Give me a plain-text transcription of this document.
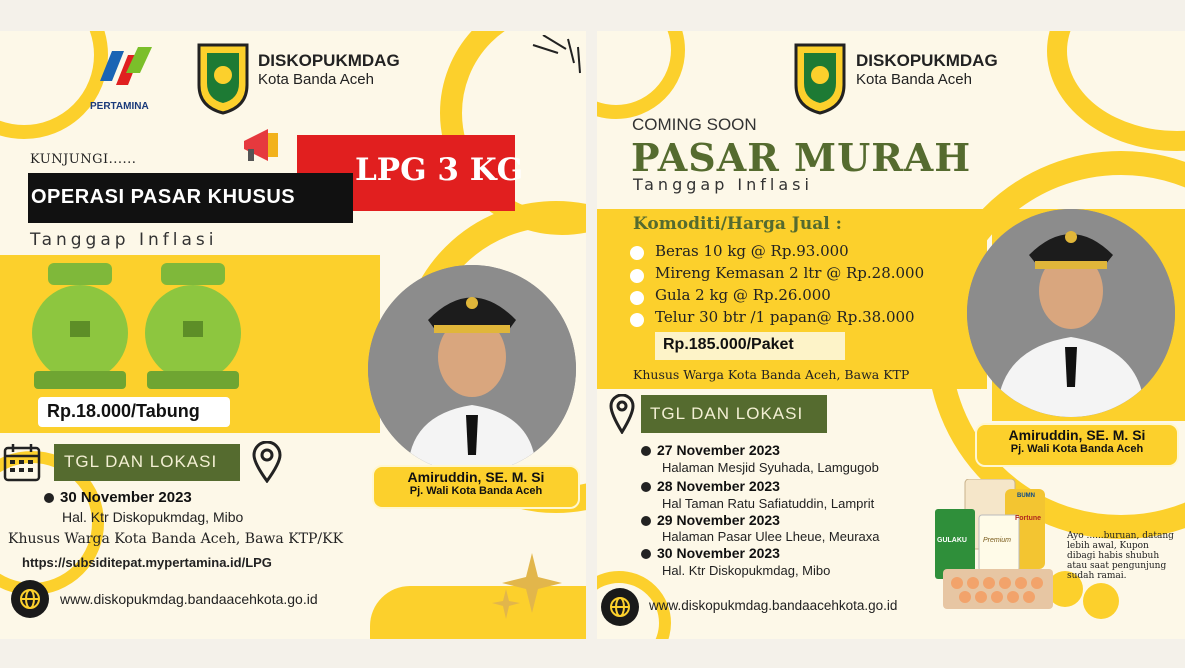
PERTAMINA
DISKOPUKMDAG
Kota Banda Aceh
KUNJUNGI......	LPG 3 KG
OPERASI PASAR KHUSUS
Tanggap Inflasi
Rp.18.000/Tabung
Amiruddin, SE. M. Si
Pj. Wali Kota Banda Aceh
TGL DAN LOKASI
30 November 2023
Hal. Ktr Diskopukmdag, Mibo
Khusus Warga Kota Banda Aceh, Bawa KTP/KK
https://subsiditepat.mypertamina.id/LPG
www.diskopukmdag.bandaacehkota.go.id
DISKOPUKMDAG
Kota Banda Aceh
COMING SOON
PASAR MURAH
Tanggap Inflasi
Komoditi/Harga Jual :
Beras 10 kg @ Rp.93.000
Mireng Kemasan 2 ltr @ Rp.28.000
Gula 2 kg @ Rp.26.000
Telur 30 btr /1 papan@ Rp.38.000
Rp.185.000/Paket
Khusus Warga Kota Banda Aceh, Bawa KTP
Amiruddin, SE. M. Si
Pj. Wali Kota Banda Aceh
TGL DAN LOKASI
27 November 2023
Halaman Mesjid Syuhada, Lamgugob
28 November 2023
Hal Taman Ratu Safiatuddin, Lamprit
29 November 2023
Halaman Pasar Ulee Lheue, Meuraxa
30 November 2023
Hal. Ktr Diskopukmdag, Mibo
GULAKU Premium
Fortune
BUMN
Ayo ......buruan, datang lebih awal, Kupon dibagi habis shubuh atau saat pengunjung sudah ramai.
www.diskopukmdag.bandaacehkota.go.id
